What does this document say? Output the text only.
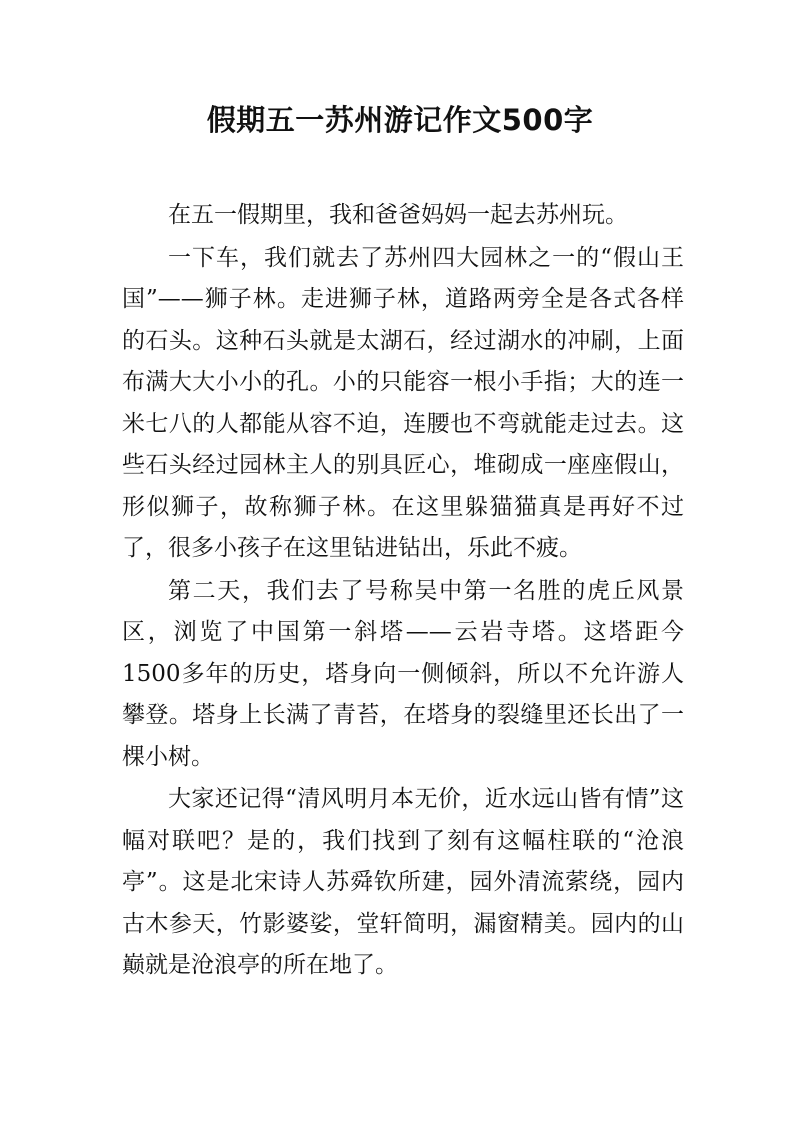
假期五一苏州游记作文500字

在五一假期里，我和爸爸妈妈一起去苏州玩。

一下车，我们就去了苏州四大园林之一的“假山王国”——狮子林。走进狮子林，道路两旁全是各式各样的石头。这种石头就是太湖石，经过湖水的冲刷，上面布满大大小小的孔。小的只能容一根小手指；大的连一米七八的人都能从容不迫，连腰也不弯就能走过去。这些石头经过园林主人的别具匠心，堆砌成一座座假山，形似狮子，故称狮子林。在这里躲猫猫真是再好不过了，很多小孩子在这里钻进钻出，乐此不疲。

第二天，我们去了号称吴中第一名胜的虎丘风景区，浏览了中国第一斜塔——云岩寺塔。这塔距今1500多年的历史，塔身向一侧倾斜，所以不允许游人攀登。塔身上长满了青苔，在塔身的裂缝里还长出了一棵小树。

大家还记得“清风明月本无价，近水远山皆有情”这幅对联吧？是的，我们找到了刻有这幅柱联的“沧浪亭”。这是北宋诗人苏舜钦所建，园外清流萦绕，园内古木参天，竹影婆娑，堂轩简明，漏窗精美。园内的山巅就是沧浪亭的所在地了。
